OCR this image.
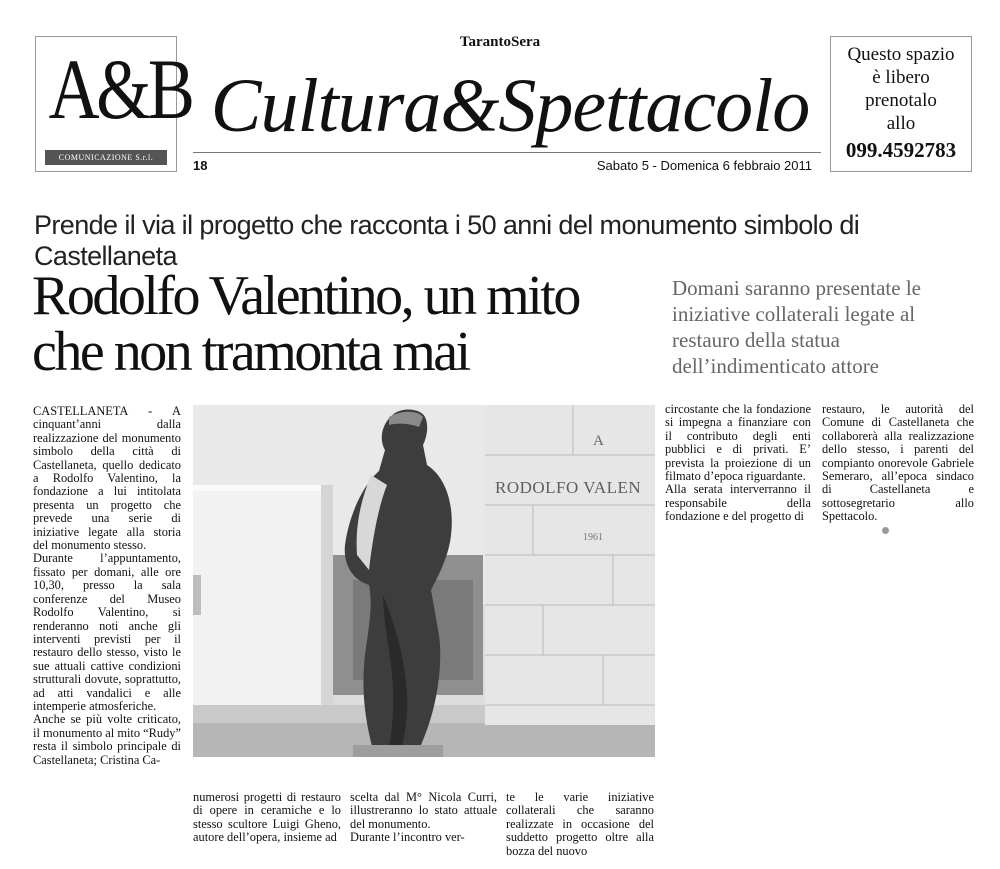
A&B
COMUNICAZIONE S.r.l.
TarantoSera
Cultura&Spettacolo
18	Sabato 5 - Domenica 6 febbraio 2011
Questo spazio
è libero
prenotalo
allo
099.4592783
Prende il via il progetto che racconta i 50 anni del monumento simbolo di Castellaneta
Rodolfo Valentino, un mito
che non tramonta mai
Domani saranno presentate le iniziative collaterali legate al restauro della statua dell’indimenticato attore

CASTELLANETA - A cinquant’anni dalla realizzazione del monumento simbolo della città di Castellaneta, quello dedicato a Rodolfo Valentino, la fondazione a lui intitolata presenta un progetto che prevede una serie di iniziative legate alla storia del monumento stesso.

Durante l’appuntamento, fissato per domani, alle ore 10,30, presso la sala conferenze del Museo Rodolfo Valentino, si renderanno noti anche gli interventi previsti per il restauro dello stesso, visto le sue attuali cattive condizioni strutturali dovute, soprattutto, ad atti vandalici e alle intemperie atmosferiche.

Anche se più volte criticato, il monumento al mito “Rudy” resta il simbolo principale di Castellaneta; Cristina Ca-

A
RODOLFO VALEN
1961
numerosi progetti di restauro di opere in ceramiche e lo stesso scultore Luigi Gheno, autore dell’opera, insieme ad

scelta dal M° Nicola Curri, illustreranno lo stato attuale del monumento.

Durante l’incontro ver-

te le varie iniziative collaterali che saranno realizzate in occasione del suddetto progetto oltre alla bozza del nuovo

circostante che la fondazione si impegna a finanziare con il contributo degli enti pubblici e di privati. E’ prevista la proiezione di un filmato d’epoca riguardante.

Alla serata interverranno il responsabile della fondazione e del progetto di

restauro, le autorità del Comune di Castellaneta che collaborerà alla realizzazione dello stesso, i parenti del compianto onorevole Gabriele Semeraro, all’epoca sindaco di Castellaneta e sottosegretario allo Spettacolo.
